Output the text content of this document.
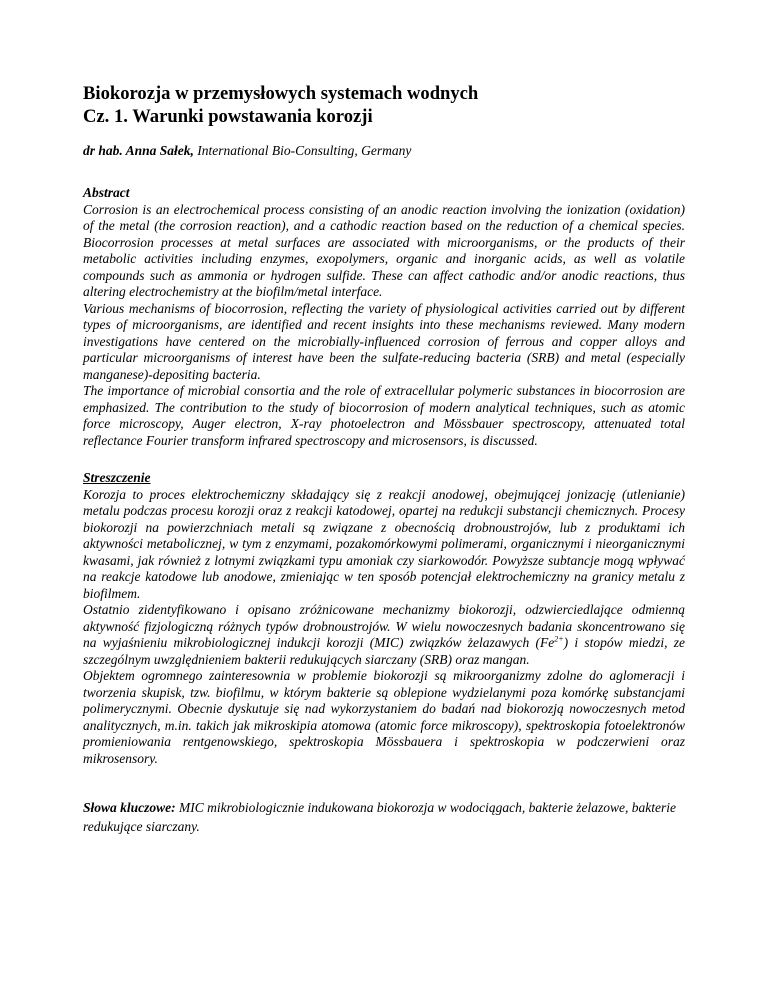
Biokorozja w przemysłowych systemach wodnych
Cz. 1. Warunki powstawania korozji
dr hab. Anna Sałek, International Bio-Consulting, Germany
Abstract

Corrosion is an electrochemical process consisting of an anodic reaction involving the ionization (oxidation) of the metal (the corrosion reaction), and a cathodic reaction based on the reduction of a chemical species. Biocorrosion processes at metal surfaces are associated with microorganisms, or the products of their metabolic activities including enzymes, exopolymers, organic and inorganic acids, as well as volatile compounds such as ammonia or hydrogen sulfide. These can affect cathodic and/or anodic reactions, thus altering electrochemistry at the biofilm/metal interface.

Various mechanisms of biocorrosion, reflecting the variety of physiological activities carried out by different types of microorganisms, are identified and recent insights into these mechanisms reviewed. Many modern investigations have centered on the microbially-influenced corrosion of ferrous and copper alloys and particular microorganisms of interest have been the sulfate-reducing bacteria (SRB) and metal (especially manganese)-depositing bacteria.

The importance of microbial consortia and the role of extracellular polymeric substances in biocorrosion are emphasized. The contribution to the study of biocorrosion of modern analytical techniques, such as atomic force microscopy, Auger electron, X-ray photoelectron and Mössbauer spectroscopy, attenuated total reflectance Fourier transform infrared spectroscopy and microsensors, is discussed.

Streszczenie

Korozja to proces elektrochemiczny składający się z reakcji anodowej, obejmującej jonizację (utlenianie) metalu podczas procesu korozji oraz z reakcji katodowej, opartej na redukcji substancji chemicznych. Procesy biokorozji na powierzchniach metali są związane z obecnością drobnoustrojów, lub z produktami ich aktywności metabolicznej, w tym z enzymami, pozakomórkowymi polimerami, organicznymi i nieorganicznymi kwasami, jak również z lotnymi związkami typu amoniak czy siarkowodór. Powyższe subtancje mogą wpływać na reakcje katodowe lub anodowe, zmieniając w ten sposób potencjał elektrochemiczny na granicy metalu z biofilmem.

Ostatnio zidentyfikowano i opisano zróżnicowane mechanizmy biokorozji, odzwierciedlające odmienną aktywność fizjologiczną różnych typów drobnoustrojów. W wielu nowoczesnych badania skoncentrowano się na wyjaśnieniu mikrobiologicznej indukcji korozji (MIC) związków żelazawych $(Fe^{2+})$ i stopów miedzi, ze szczególnym uwzględnieniem bakterii redukujących siarczany (SRB) oraz mangan.

Objektem ogromnego zainteresownia w problemie biokorozji są mikroorganizmy zdolne do aglomeracji i tworzenia skupisk, tzw. biofilmu, w którym bakterie są oblepione wydzielanymi poza komórkę substancjami polimerycznymi. Obecnie dyskutuje się nad wykorzystaniem do badań nad biokorozją nowoczesnych metod analitycznych, m.in. takich jak mikroskipia atomowa (atomic force mikroscopy), spektroskopia fotoelektronów promieniowania rentgenowskiego, spektroskopia Mössbauera i spektroskopia w podczerwieni oraz mikrosensory.

Słowa kluczowe: MIC mikrobiologicznie indukowana biokorozja w wodociągach, bakterie żelazowe, bakterie redukujące siarczany.
